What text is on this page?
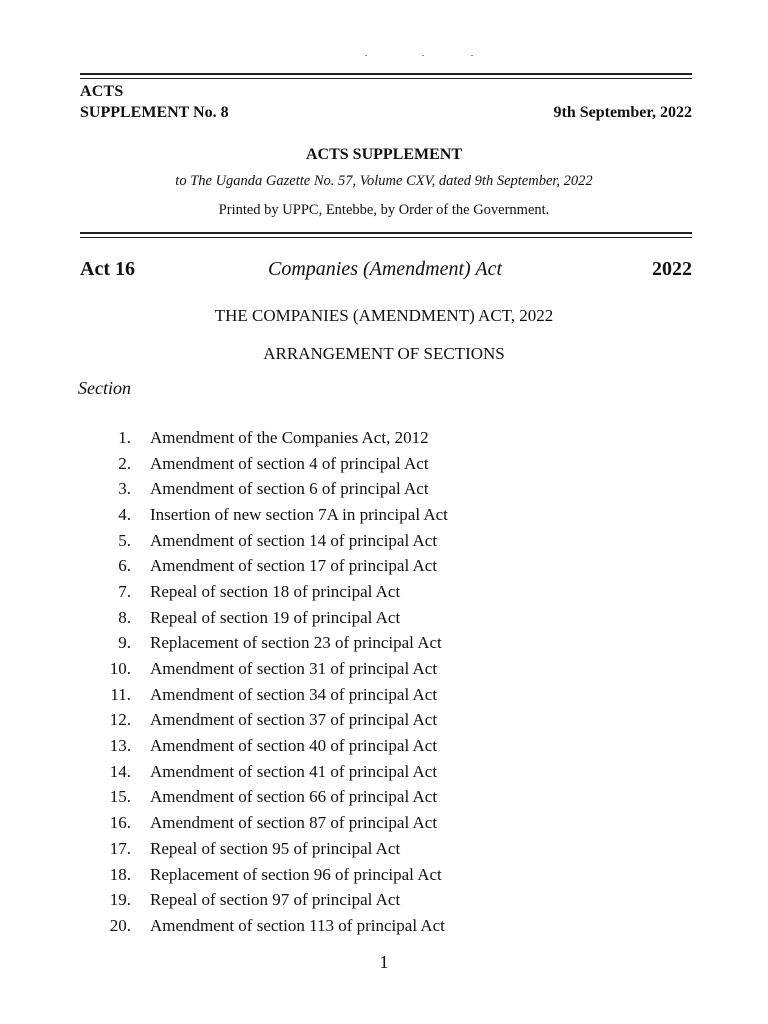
ACTS
SUPPLEMENT No. 8	9th September, 2022
ACTS SUPPLEMENT
to The Uganda Gazette No. 57, Volume CXV, dated 9th September, 2022
Printed by UPPC, Entebbe, by Order of the Government.
Act 16	Companies (Amendment) Act	2022
THE COMPANIES (AMENDMENT) ACT, 2022
ARRANGEMENT OF SECTIONS
Section
1.	Amendment of the Companies Act, 2012
2.	Amendment of section 4 of principal Act
3.	Amendment of section 6 of principal Act
4.	Insertion of new section 7A in principal Act
5.	Amendment of section 14 of principal Act
6.	Amendment of section 17 of principal Act
7.	Repeal of section 18 of principal Act
8.	Repeal of section 19 of principal Act
9.	Replacement of section 23 of principal Act
10.	Amendment of section 31 of principal Act
11.	Amendment of section 34 of principal Act
12.	Amendment of section 37 of principal Act
13.	Amendment of section 40 of principal Act
14.	Amendment of section 41 of principal Act
15.	Amendment of section 66 of principal Act
16.	Amendment of section 87 of principal Act
17.	Repeal of section 95 of principal Act
18.	Replacement of section 96 of principal Act
19.	Repeal of section 97 of principal Act
20.	Amendment of section 113 of principal Act
1
